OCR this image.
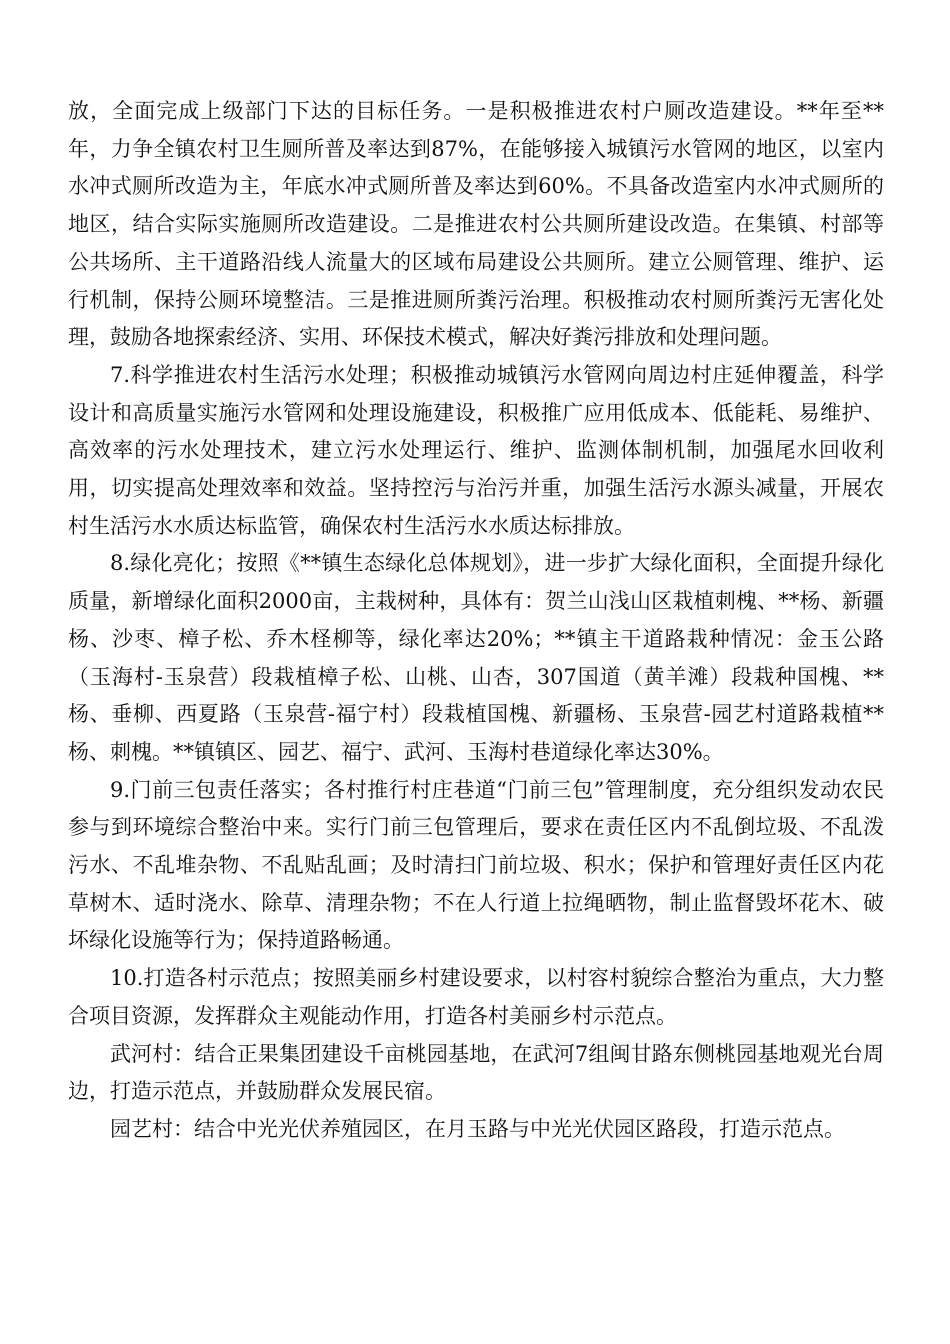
放，全面完成上级部门下达的目标任务。一是积极推进农村户厕改造建设。**年至**年，力争全镇农村卫生厕所普及率达到87%，在能够接入城镇污水管网的地区，以室内水冲式厕所改造为主，年底水冲式厕所普及率达到60%。不具备改造室内水冲式厕所的地区，结合实际实施厕所改造建设。二是推进农村公共厕所建设改造。在集镇、村部等公共场所、主干道路沿线人流量大的区域布局建设公共厕所。建立公厕管理、维护、运行机制，保持公厕环境整洁。三是推进厕所粪污治理。积极推动农村厕所粪污无害化处理，鼓励各地探索经济、实用、环保技术模式，解决好粪污排放和处理问题。

7.科学推进农村生活污水处理；积极推动城镇污水管网向周边村庄延伸覆盖，科学设计和高质量实施污水管网和处理设施建设，积极推广应用低成本、低能耗、易维护、高效率的污水处理技术，建立污水处理运行、维护、监测体制机制，加强尾水回收利用，切实提高处理效率和效益。坚持控污与治污并重，加强生活污水源头减量，开展农村生活污水水质达标监管，确保农村生活污水水质达标排放。

8.绿化亮化；按照《**镇生态绿化总体规划》，进一步扩大绿化面积，全面提升绿化质量，新增绿化面积2000亩，主栽树种，具体有：贺兰山浅山区栽植刺槐、**杨、新疆杨、沙枣、樟子松、乔木柽柳等，绿化率达20%；**镇主干道路栽种情况：金玉公路（玉海村-玉泉营）段栽植樟子松、山桃、山杏，307国道（黄羊滩）段栽种国槐、**杨、垂柳、西夏路（玉泉营-福宁村）段栽植国槐、新疆杨、玉泉营-园艺村道路栽植**杨、刺槐。**镇镇区、园艺、福宁、武河、玉海村巷道绿化率达30%。

9.门前三包责任落实；各村推行村庄巷道“门前三包”管理制度，充分组织发动农民参与到环境综合整治中来。实行门前三包管理后，要求在责任区内不乱倒垃圾、不乱泼污水、不乱堆杂物、不乱贴乱画；及时清扫门前垃圾、积水；保护和管理好责任区内花草树木、适时浇水、除草、清理杂物；不在人行道上拉绳晒物，制止监督毁坏花木、破坏绿化设施等行为；保持道路畅通。

10.打造各村示范点；按照美丽乡村建设要求，以村容村貌综合整治为重点，大力整合项目资源，发挥群众主观能动作用，打造各村美丽乡村示范点。

武河村：结合正果集团建设千亩桃园基地，在武河7组闽甘路东侧桃园基地观光台周边，打造示范点，并鼓励群众发展民宿。

园艺村：结合中光光伏养殖园区，在月玉路与中光光伏园区路段，打造示范点。
